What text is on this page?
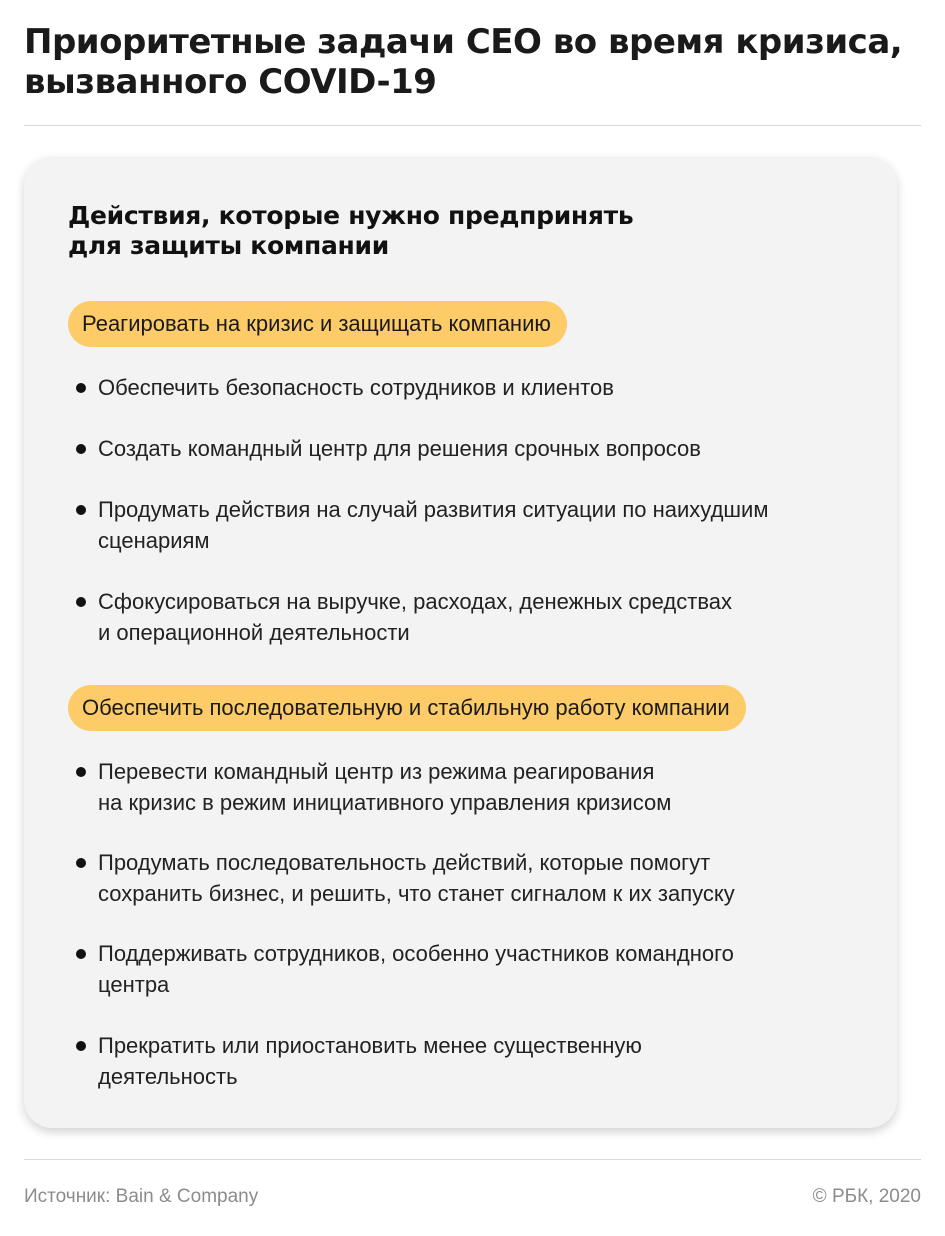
Приоритетные задачи CEO во время кризиса,
вызванного COVID-19
Действия, которые нужно предпринять
для защиты компании
Реагировать на кризис и защищать компанию
Обеспечить безопасность сотрудников и клиентов
Создать командный центр для решения срочных вопросов
Продумать действия на случай развития ситуации по наихудшим
сценариям
Сфокусироваться на выручке, расходах, денежных средствах
и операционной деятельности
Обеспечить последовательную и стабильную работу компании
Перевести командный центр из режима реагирования
на кризис в режим инициативного управления кризисом
Продумать последовательность действий, которые помогут
сохранить бизнес, и решить, что станет сигналом к их запуску
Поддерживать сотрудников, особенно участников командного
центра
Прекратить или приостановить менее существенную
деятельность
Источник: Bain & Company	© РБК, 2020
